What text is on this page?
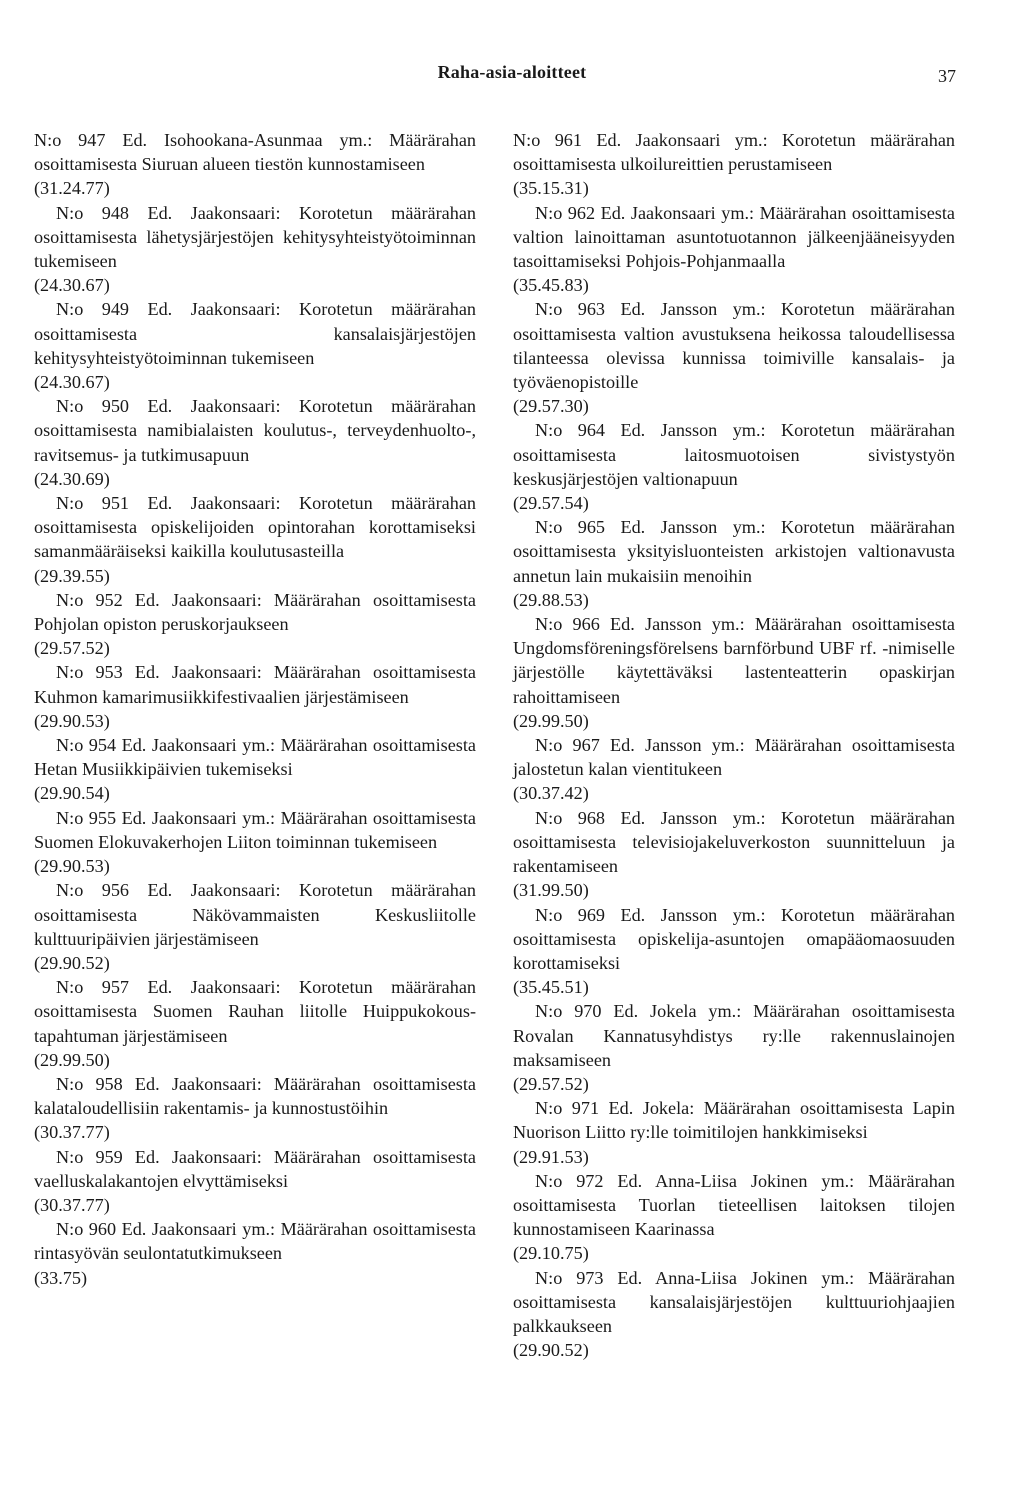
Raha-asia-aloitteet	37

N:o 947 Ed. Isohookana-Asunmaa ym.: Määrärahan osoittamisesta Siuruan alueen tiestön kunnostamiseen

(31.24.77)

N:o 948 Ed. Jaakonsaari: Korotetun määrärahan osoittamisesta lähetysjärjestöjen kehitysyhteistyötoiminnan tukemiseen

(24.30.67)

N:o 949 Ed. Jaakonsaari: Korotetun määrärahan osoittamisesta kansalaisjärjestöjen kehitysyhteistyötoiminnan tukemiseen

(24.30.67)

N:o 950 Ed. Jaakonsaari: Korotetun määrärahan osoittamisesta namibialaisten koulutus-, terveydenhuolto-, ravitsemus- ja tutkimusapuun

(24.30.69)

N:o 951 Ed. Jaakonsaari: Korotetun määrärahan osoittamisesta opiskelijoiden opintorahan korottamiseksi samanmääräiseksi kaikilla koulutusasteilla

(29.39.55)

N:o 952 Ed. Jaakonsaari: Määrärahan osoittamisesta Pohjolan opiston peruskorjaukseen

(29.57.52)

N:o 953 Ed. Jaakonsaari: Määrärahan osoittamisesta Kuhmon kamarimusiikkifestivaalien järjestämiseen

(29.90.53)

N:o 954 Ed. Jaakonsaari ym.: Määrärahan osoittamisesta Hetan Musiikkipäivien tukemiseksi

(29.90.54)

N:o 955 Ed. Jaakonsaari ym.: Määrärahan osoittamisesta Suomen Elokuvakerhojen Liiton toiminnan tukemiseen

(29.90.53)

N:o 956 Ed. Jaakonsaari: Korotetun määrärahan osoittamisesta Näkövammaisten Keskusliitolle kulttuuripäivien järjestämiseen

(29.90.52)

N:o 957 Ed. Jaakonsaari: Korotetun määrärahan osoittamisesta Suomen Rauhan liitolle Huippukokous-tapahtuman järjestämiseen

(29.99.50)

N:o 958 Ed. Jaakonsaari: Määrärahan osoittamisesta kalataloudellisiin rakentamis- ja kunnostustöihin

(30.37.77)

N:o 959 Ed. Jaakonsaari: Määrärahan osoittamisesta vaelluskalakantojen elvyttämiseksi

(30.37.77)

N:o 960 Ed. Jaakonsaari ym.: Määrärahan osoittamisesta rintasyövän seulontatutkimukseen

(33.75)

N:o 961 Ed. Jaakonsaari ym.: Korotetun määrärahan osoittamisesta ulkoilureittien perustamiseen

(35.15.31)

N:o 962 Ed. Jaakonsaari ym.: Määrärahan osoittamisesta valtion lainoittaman asuntotuotannon jälkeenjääneisyyden tasoittamiseksi Pohjois-Pohjanmaalla

(35.45.83)

N:o 963 Ed. Jansson ym.: Korotetun määrärahan osoittamisesta valtion avustuksena heikossa taloudellisessa tilanteessa olevissa kunnissa toimiville kansalais- ja työväenopistoille

(29.57.30)

N:o 964 Ed. Jansson ym.: Korotetun määrärahan osoittamisesta laitosmuotoisen sivistystyön keskusjärjestöjen valtionapuun

(29.57.54)

N:o 965 Ed. Jansson ym.: Korotetun määrärahan osoittamisesta yksityisluonteisten arkistojen valtionavusta annetun lain mukaisiin menoihin

(29.88.53)

N:o 966 Ed. Jansson ym.: Määrärahan osoittamisesta Ungdomsföreningsförelsens barnförbund UBF rf. -nimiselle järjestölle käytettäväksi lastenteatterin opaskirjan rahoittamiseen

(29.99.50)

N:o 967 Ed. Jansson ym.: Määrärahan osoittamisesta jalostetun kalan vientitukeen

(30.37.42)

N:o 968 Ed. Jansson ym.: Korotetun määrärahan osoittamisesta televisiojakeluverkoston suunnitteluun ja rakentamiseen

(31.99.50)

N:o 969 Ed. Jansson ym.: Korotetun määrärahan osoittamisesta opiskelija-asuntojen omapääomaosuuden korottamiseksi

(35.45.51)

N:o 970 Ed. Jokela ym.: Määrärahan osoittamisesta Rovalan Kannatusyhdistys ry:lle rakennuslainojen maksamiseen

(29.57.52)

N:o 971 Ed. Jokela: Määrärahan osoittamisesta Lapin Nuorison Liitto ry:lle toimitilojen hankkimiseksi

(29.91.53)

N:o 972 Ed. Anna-Liisa Jokinen ym.: Määrärahan osoittamisesta Tuorlan tieteellisen laitoksen tilojen kunnostamiseen Kaarinassa

(29.10.75)

N:o 973 Ed. Anna-Liisa Jokinen ym.: Määrärahan osoittamisesta kansalaisjärjestöjen kulttuuriohjaajien palkkaukseen

(29.90.52)
